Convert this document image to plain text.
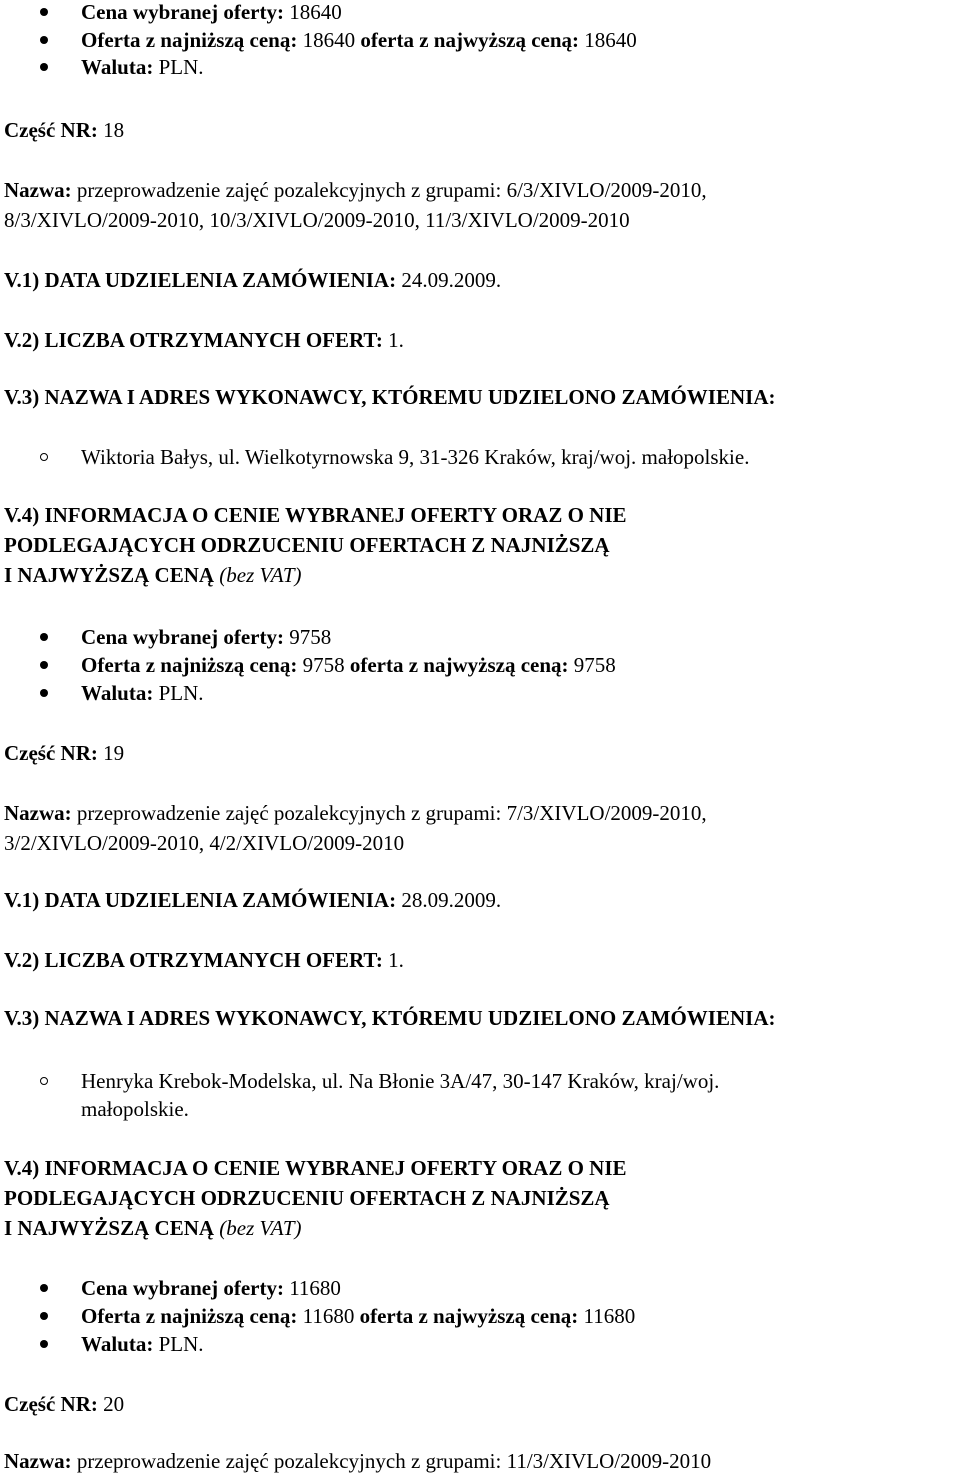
Cena wybranej oferty: 18640
Oferta z najniższą ceną: 18640 oferta z najwyższą ceną: 18640
Waluta: PLN.
Część NR: 18
Nazwa: przeprowadzenie zajęć pozalekcyjnych z grupami: 6/3/XIVLO/2009-2010,
8/3/XIVLO/2009-2010, 10/3/XIVLO/2009-2010, 11/3/XIVLO/2009-2010
V.1) DATA UDZIELENIA ZAMÓWIENIA: 24.09.2009.
V.2) LICZBA OTRZYMANYCH OFERT: 1.
V.3) NAZWA I ADRES WYKONAWCY, KTÓREMU UDZIELONO ZAMÓWIENIA:
Wiktoria Bałys, ul. Wielkotyrnowska 9, 31-326 Kraków, kraj/woj. małopolskie.
V.4) INFORMACJA O CENIE WYBRANEJ OFERTY ORAZ O NIE
PODLEGAJĄCYCH ODRZUCENIU OFERTACH Z NAJNIŻSZĄ
I NAJWYŻSZĄ CENĄ (bez VAT)
Cena wybranej oferty: 9758
Oferta z najniższą ceną: 9758 oferta z najwyższą ceną: 9758
Waluta: PLN.
Część NR: 19
Nazwa: przeprowadzenie zajęć pozalekcyjnych z grupami: 7/3/XIVLO/2009-2010,
3/2/XIVLO/2009-2010, 4/2/XIVLO/2009-2010
V.1) DATA UDZIELENIA ZAMÓWIENIA: 28.09.2009.
V.2) LICZBA OTRZYMANYCH OFERT: 1.
V.3) NAZWA I ADRES WYKONAWCY, KTÓREMU UDZIELONO ZAMÓWIENIA:
Henryka Krebok-Modelska, ul. Na Błonie 3A/47, 30-147 Kraków, kraj/woj.
małopolskie.
V.4) INFORMACJA O CENIE WYBRANEJ OFERTY ORAZ O NIE
PODLEGAJĄCYCH ODRZUCENIU OFERTACH Z NAJNIŻSZĄ
I NAJWYŻSZĄ CENĄ (bez VAT)
Cena wybranej oferty: 11680
Oferta z najniższą ceną: 11680 oferta z najwyższą ceną: 11680
Waluta: PLN.
Część NR: 20
Nazwa: przeprowadzenie zajęć pozalekcyjnych z grupami: 11/3/XIVLO/2009-2010
